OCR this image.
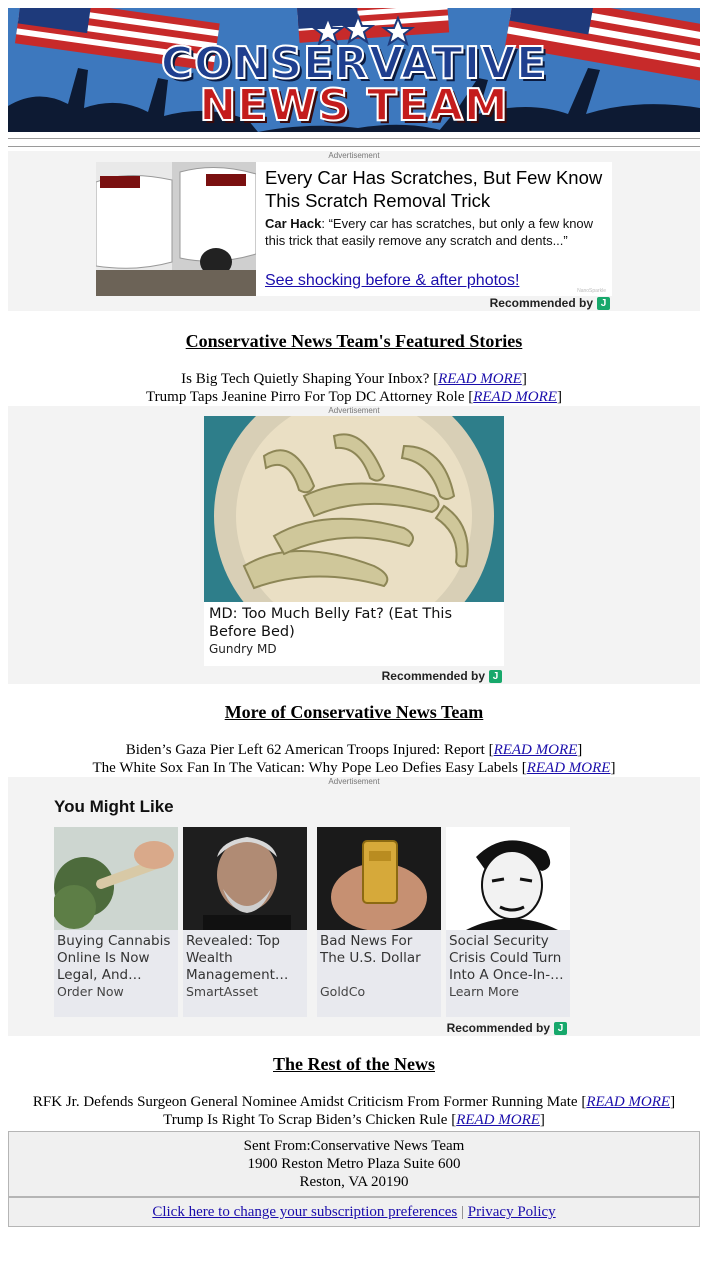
CONSERVATIVE
NEWS TEAM
Advertisement
Every Car Has Scratches, But Few Know This Scratch Removal Trick
Car Hack: “Every car has scratches, but only a few know this trick that easily remove any scratch and dents...”
See shocking before & after photos!
NanoSparkle
Recommended by J
Conservative News Team's Featured Stories
Is Big Tech Quietly Shaping Your Inbox? [READ MORE]
Trump Taps Jeanine Pirro For Top DC Attorney Role [READ MORE]
Advertisement
MD: Too Much Belly Fat? (Eat This Before Bed)
Gundry MD
Recommended by J
More of Conservative News Team
Biden’s Gaza Pier Left 62 American Troops Injured: Report [READ MORE]
The White Sox Fan In The Vatican: Why Pope Leo Defies Easy Labels [READ MORE]
Advertisement
You Might Like
Buying Cannabis Online Is Now Legal, And…
Order Now
Revealed: Top Wealth Management…
SmartAsset
Bad News For The U.S. Dollar
GoldCo
Social Security Crisis Could Turn Into A Once-In-…
Learn More
Recommended by J
The Rest of the News
RFK Jr. Defends Surgeon General Nominee Amidst Criticism From Former Running Mate [READ MORE]
Trump Is Right To Scrap Biden’s Chicken Rule [READ MORE]
Sent From:Conservative News Team
1900 Reston Metro Plaza Suite 600
Reston, VA 20190
Click here to change your subscription preferences | Privacy Policy
